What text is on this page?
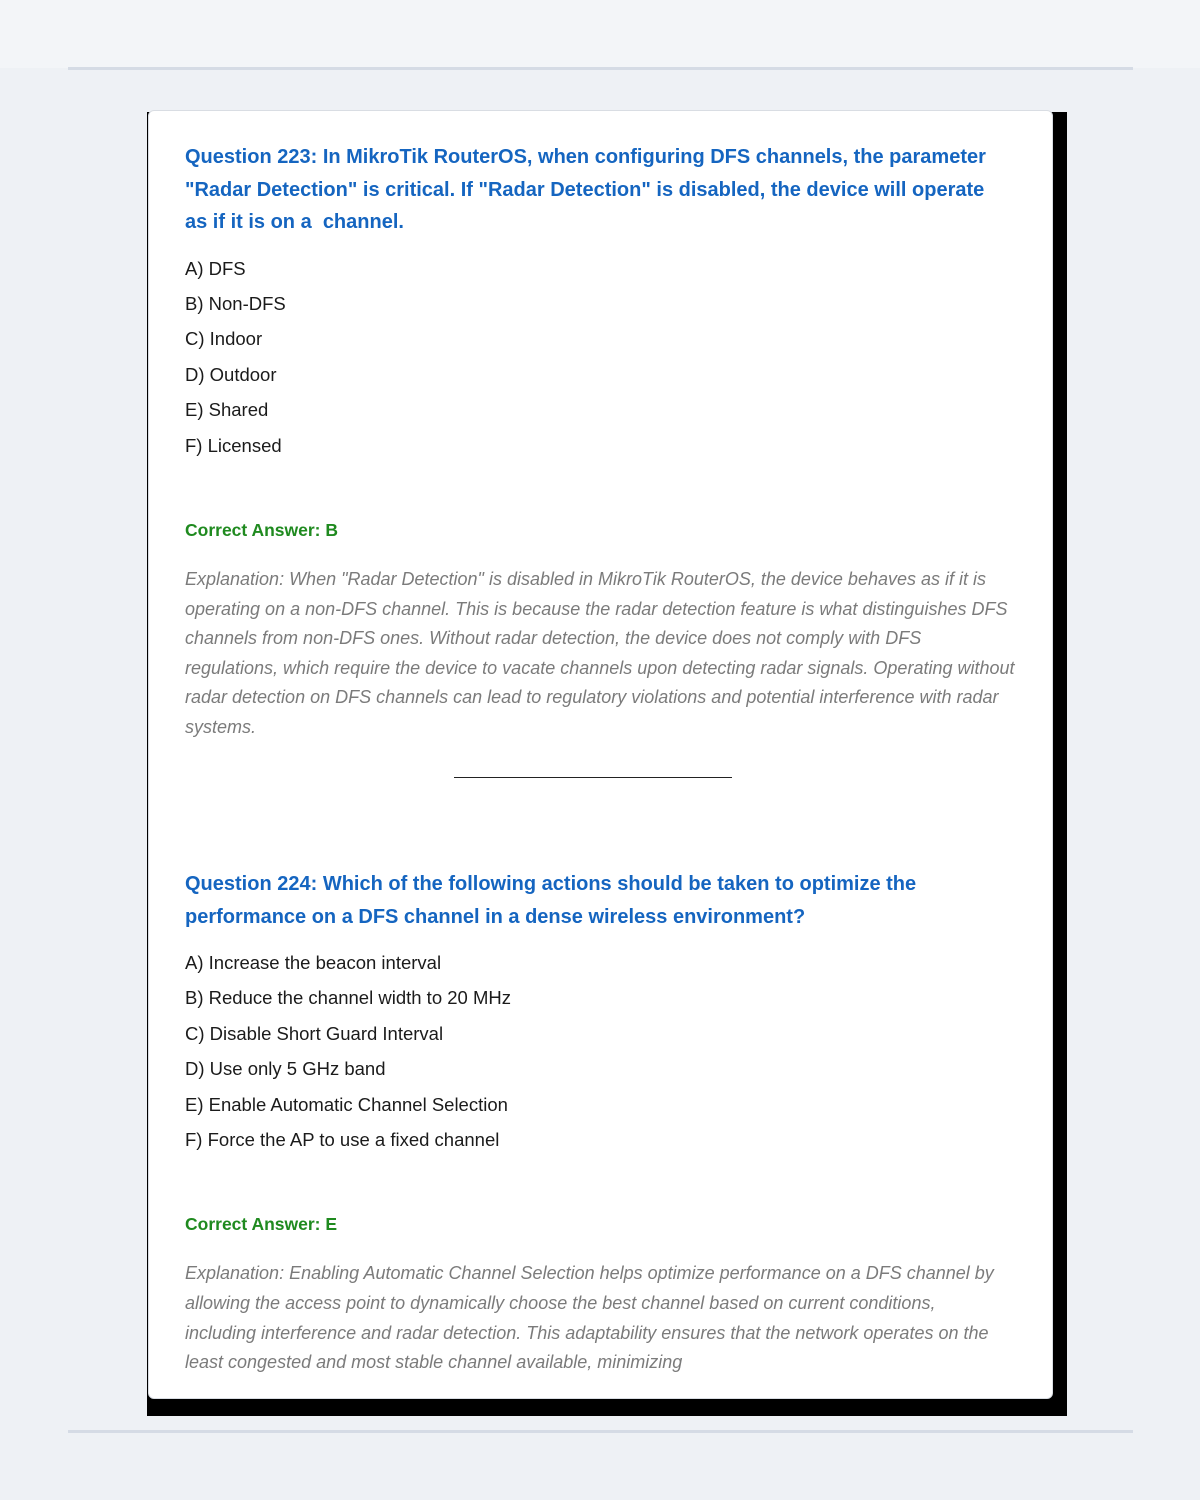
Question 223: In MikroTik RouterOS, when configuring DFS channels, the parameter "Radar Detection" is critical. If "Radar Detection" is disabled, the device will operate as if it is on a  channel.

A) DFS
B) Non-DFS
C) Indoor
D) Outdoor
E) Shared
F) Licensed

Correct Answer: B

Explanation: When "Radar Detection" is disabled in MikroTik RouterOS, the device behaves as if it is operating on a non-DFS channel. This is because the radar detection feature is what distinguishes DFS channels from non-DFS ones. Without radar detection, the device does not comply with DFS regulations, which require the device to vacate channels upon detecting radar signals. Operating without radar detection on DFS channels can lead to regulatory violations and potential interference with radar systems.

Question 224: Which of the following actions should be taken to optimize the performance on a DFS channel in a dense wireless environment?

A) Increase the beacon interval
B) Reduce the channel width to 20 MHz
C) Disable Short Guard Interval
D) Use only 5 GHz band
E) Enable Automatic Channel Selection
F) Force the AP to use a fixed channel

Correct Answer: E

Explanation: Enabling Automatic Channel Selection helps optimize performance on a DFS channel by allowing the access point to dynamically choose the best channel based on current conditions, including interference and radar detection. This adaptability ensures that the network operates on the least congested and most stable channel available, minimizing
